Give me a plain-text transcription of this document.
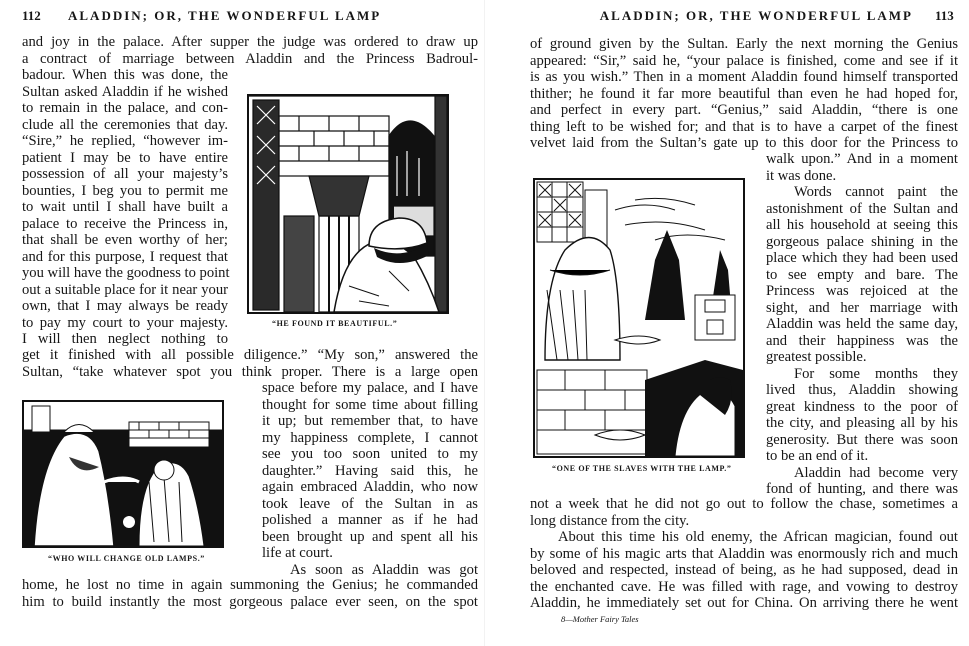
112 ALADDIN; OR, THE WONDERFUL LAMP	ALADDIN; OR, THE WONDERFUL LAMP 113
and joy in the palace. After supper the judge was ordered to draw up
a contract of marriage between Aladdin and the Princess Badroul-
badour. When this was done, the
Sultan asked Aladdin if he wished
to remain in the palace, and con-
clude all the ceremonies that day.
“Sire,” he replied, “however im-
patient I may be to have entire
possession of all your majesty’s
bounties, I beg you to permit me
to wait until I shall have built a
palace to receive the Princess in,
that shall be even worthy of her;
and for this purpose, I request that
you will have the goodness to point
out a suitable place for it near your
own, that I may always be ready
to pay my court to your majesty.
I will then neglect nothing to
get it finished with all possible diligence.” “My son,” answered the
Sultan, “take whatever spot you think proper. There is a large open
space before my palace, and I have
thought for some time about filling
it up; but remember that, to have
my happiness complete, I cannot
see you too soon united to my
daughter.” Having said this, he
again embraced Aladdin, who now
took leave of the Sultan in as
polished a manner as if he had
been brought up and spent all his
life at court.
As soon as Aladdin was got
home, he lost no time in again summoning the Genius; he commanded
him to build instantly the most gorgeous palace ever seen, on the spot
of ground given by the Sultan. Early the next morning the Genius
appeared: “Sir,” said he, “your palace is finished, come and see if it
is as you wish.” Then in a moment Aladdin found himself transported
thither; he found it far more beautiful than even he had hoped for,
and perfect in every part. “Genius,” said Aladdin, “there is one
thing left to be wished for; and that is to have a carpet of the finest
velvet laid from the Sultan’s gate up to this door for the Princess to
walk upon.” And in a moment
it was done.
Words cannot paint the
astonishment of the Sultan and
all his household at seeing this
gorgeous palace shining in the
place which they had been used
to see empty and bare. The
Princess was rejoiced at the
sight, and her marriage with
Aladdin was held the same day,
and their happiness was the
greatest possible.
For some months they
lived thus, Aladdin showing
great kindness to the poor of
the city, and pleasing all by his
generosity. But there was soon
to be an end of it.
Aladdin had become very
fond of hunting, and there was
not a week that he did not go out to follow the chase, sometimes a
long distance from the city.
About this time his old enemy, the African magician, found out
by some of his magic arts that Aladdin was enormously rich and much
beloved and respected, instead of being, as he had supposed, dead in
the enchanted cave. He was filled with rage, and vowing to destroy
Aladdin, he immediately set out for China. On arriving there he went
“HE FOUND IT BEAUTIFUL.”
“WHO WILL CHANGE OLD LAMPS.”
“ONE OF THE SLAVES WITH THE LAMP.”
8—Mother Fairy Tales
